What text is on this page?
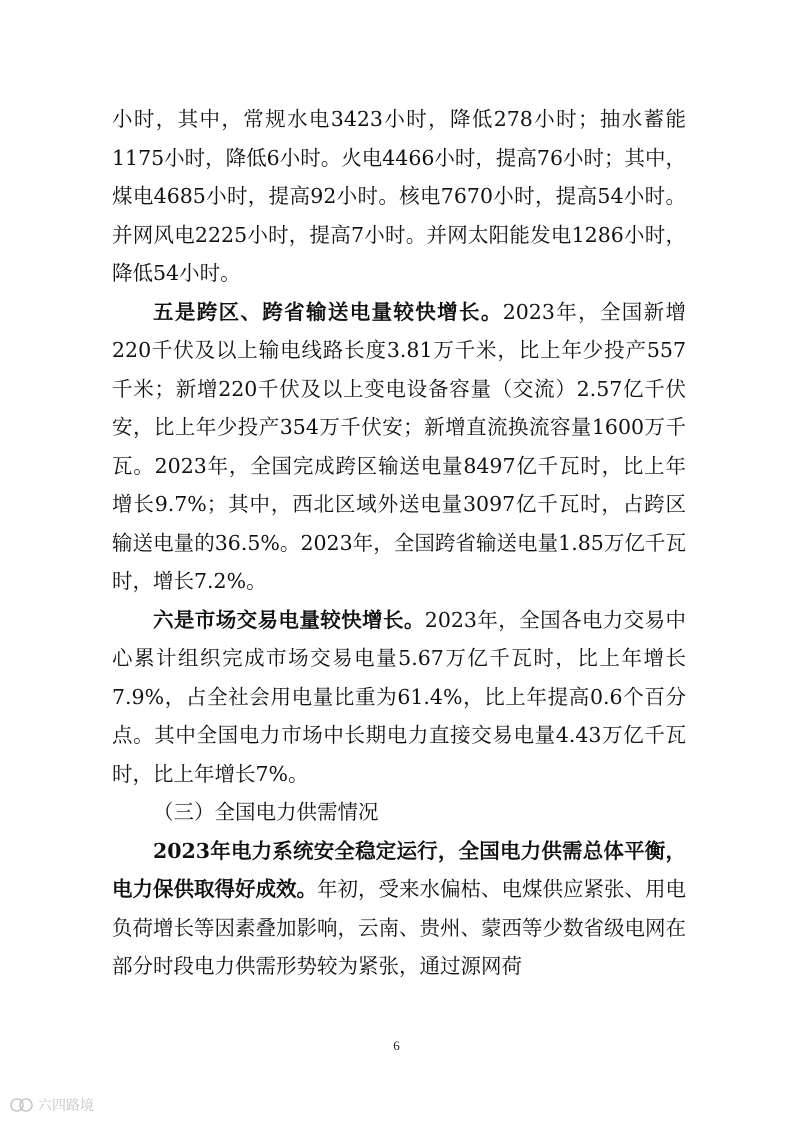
小时，其中，常规水电3423小时，降低278小时；抽水蓄能1175小时，降低6小时。火电4466小时，提高76小时；其中，煤电4685小时，提高92小时。核电7670小时，提高54小时。并网风电2225小时，提高7小时。并网太阳能发电1286小时，降低54小时。

五是跨区、跨省输送电量较快增长。2023年，全国新增220千伏及以上输电线路长度3.81万千米，比上年少投产557千米；新增220千伏及以上变电设备容量（交流）2.57亿千伏安，比上年少投产354万千伏安；新增直流换流容量1600万千瓦。2023年，全国完成跨区输送电量8497亿千瓦时，比上年增长9.7%；其中，西北区域外送电量3097亿千瓦时，占跨区输送电量的36.5%。2023年，全国跨省输送电量1.85万亿千瓦时，增长7.2%。

六是市场交易电量较快增长。2023年，全国各电力交易中心累计组织完成市场交易电量5.67万亿千瓦时，比上年增长7.9%，占全社会用电量比重为61.4%，比上年提高0.6个百分点。其中全国电力市场中长期电力直接交易电量4.43万亿千瓦时，比上年增长7%。

（三）全国电力供需情况

2023年电力系统安全稳定运行，全国电力供需总体平衡，电力保供取得好成效。年初，受来水偏枯、电煤供应紧张、用电负荷增长等因素叠加影响，云南、贵州、蒙西等少数省级电网在部分时段电力供需形势较为紧张，通过源网荷

6
六四路境
